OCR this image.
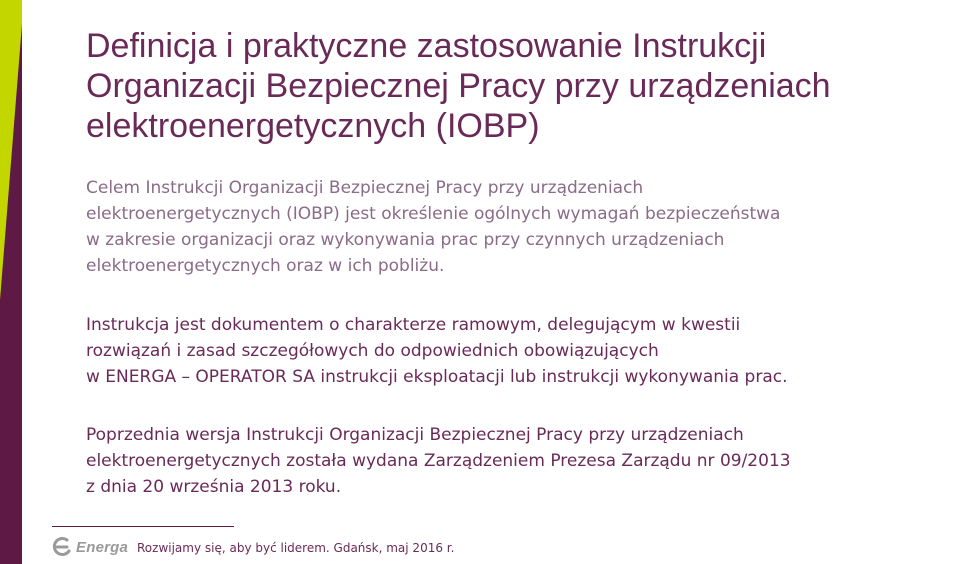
Definicja i praktyczne zastosowanie Instrukcji
Organizacji Bezpiecznej Pracy przy urządzeniach
elektroenergetycznych (IOBP)

Celem Instrukcji Organizacji Bezpiecznej Pracy przy urządzeniach
elektroenergetycznych (IOBP) jest określenie ogólnych wymagań bezpieczeństwa
w zakresie organizacji oraz wykonywania prac przy czynnych urządzeniach
elektroenergetycznych oraz w ich pobliżu.

Instrukcja jest dokumentem o charakterze ramowym, delegującym w kwestii
rozwiązań i zasad szczegółowych do odpowiednich obowiązujących
w ENERGA – OPERATOR SA instrukcji eksploatacji lub instrukcji wykonywania prac.

Poprzednia wersja Instrukcji Organizacji Bezpiecznej Pracy przy urządzeniach
elektroenergetycznych została wydana Zarządzeniem Prezesa Zarządu nr 09/2013
z dnia 20 września 2013 roku.

Energa Rozwijamy się, aby być liderem. Gdańsk, maj 2016 r.
